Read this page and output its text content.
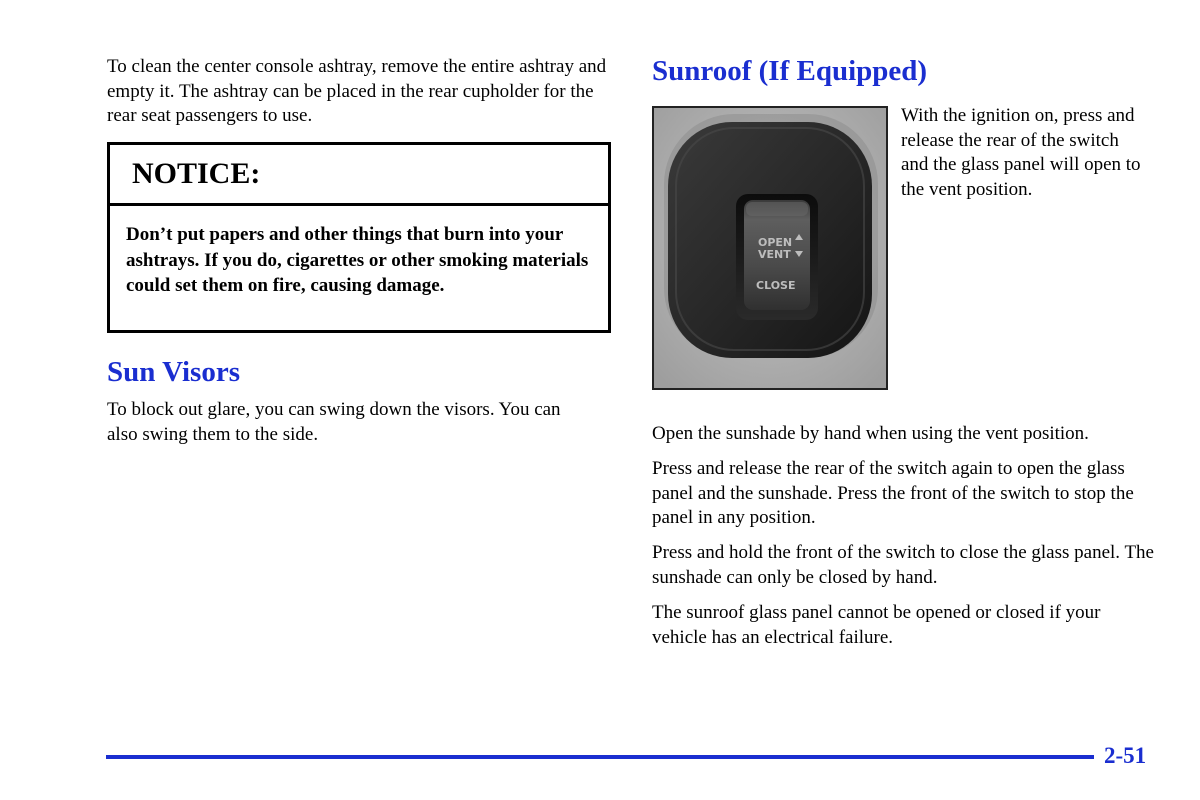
To clean the center console ashtray, remove the entire ashtray and empty it. The ashtray can be placed in the rear cupholder for the rear seat passengers to use.

NOTICE:

Don’t put papers and other things that burn into your ashtrays. If you do, cigarettes or other smoking materials could set them on fire, causing damage.

Sun Visors

To block out glare, you can swing down the visors. You can also swing them to the side.

Sunroof (If Equipped)
OPEN
VENT
CLOSE

With the ignition on, press and release the rear of the switch and the glass panel will open to the vent position.

Open the sunshade by hand when using the vent position.

Press and release the rear of the switch again to open the glass panel and the sunshade. Press the front of the switch to stop the panel in any position.

Press and hold the front of the switch to close the glass panel. The sunshade can only be closed by hand.

The sunroof glass panel cannot be opened or closed if your vehicle has an electrical failure.

2-51
